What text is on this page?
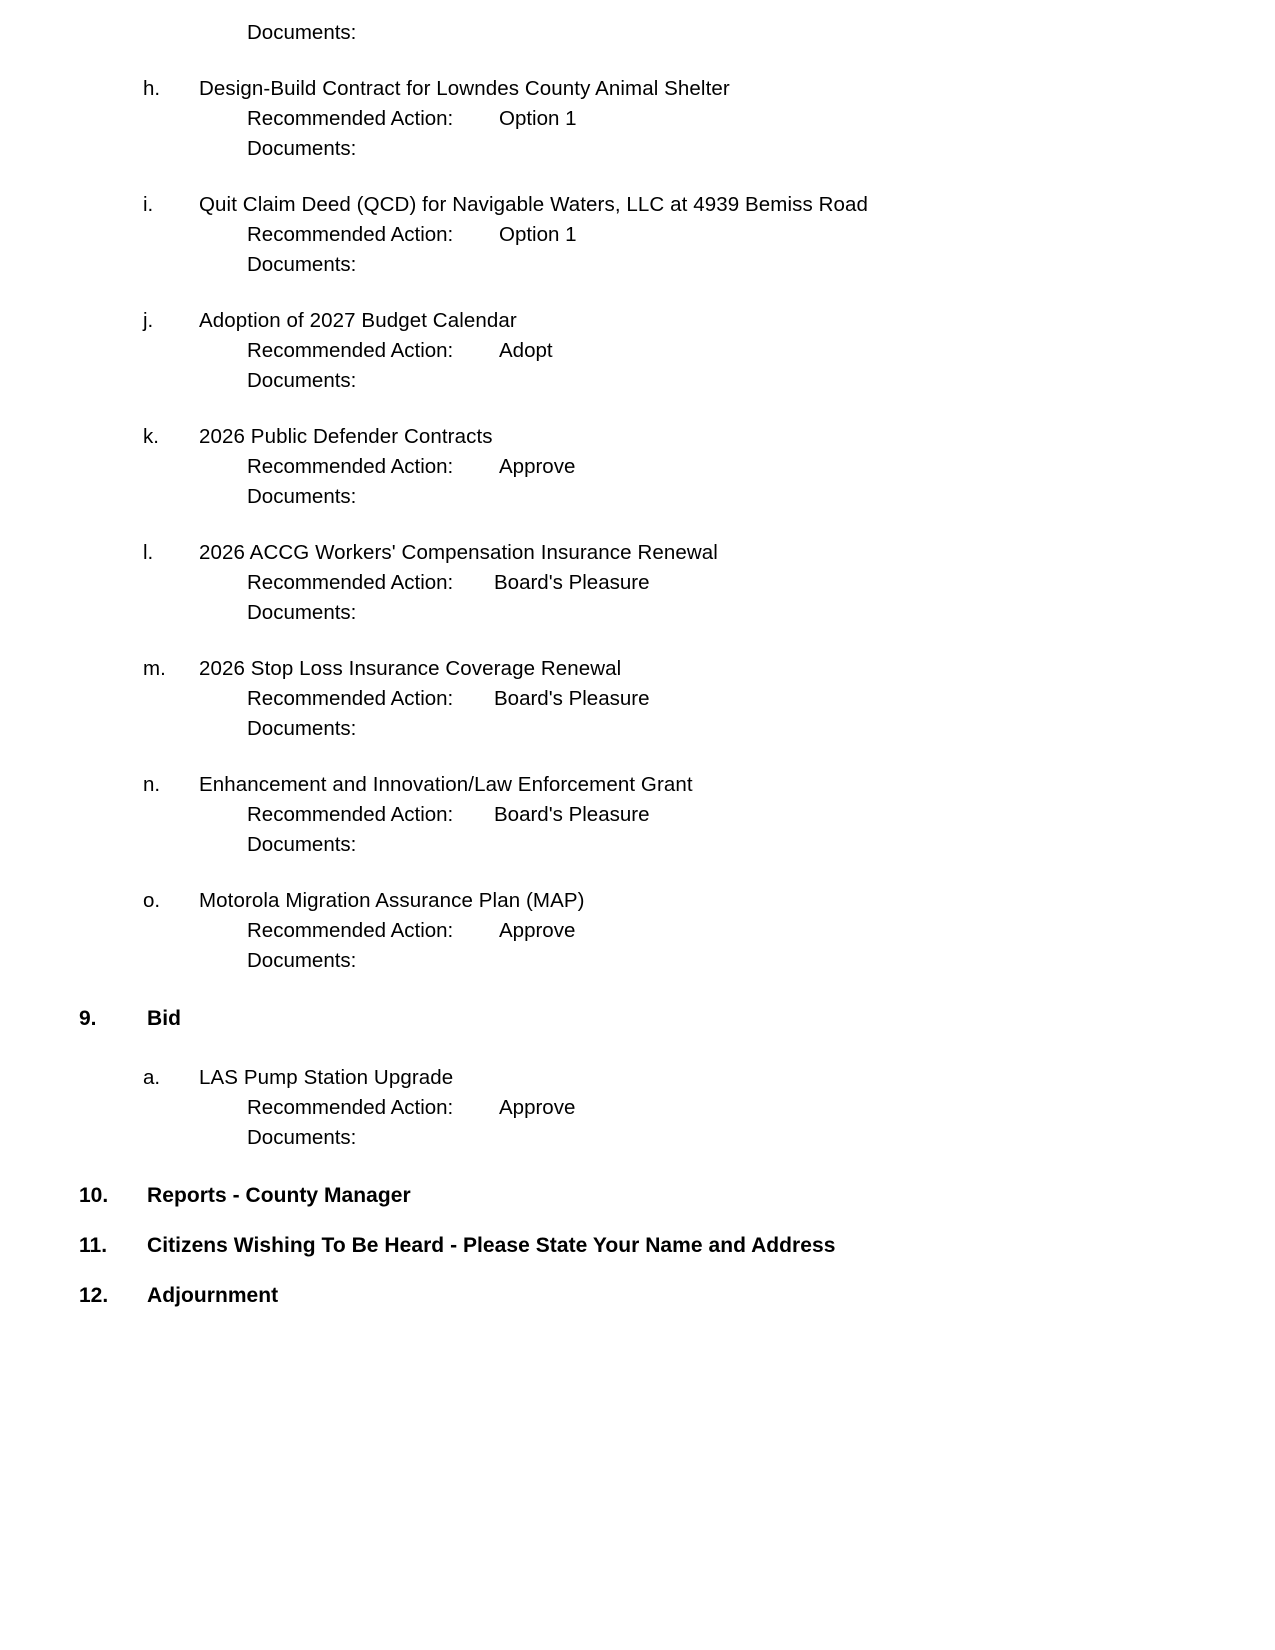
Documents:
h. Design-Build Contract for Lowndes County Animal Shelter
Recommended Action: Option 1
Documents:
i. Quit Claim Deed (QCD) for Navigable Waters, LLC at 4939 Bemiss Road
Recommended Action: Option 1
Documents:
j. Adoption of 2027 Budget Calendar
Recommended Action: Adopt
Documents:
k. 2026 Public Defender Contracts
Recommended Action: Approve
Documents:
l. 2026 ACCG Workers' Compensation Insurance Renewal
Recommended Action: Board's Pleasure
Documents:
m. 2026 Stop Loss Insurance Coverage Renewal
Recommended Action: Board's Pleasure
Documents:
n. Enhancement and Innovation/Law Enforcement Grant
Recommended Action: Board's Pleasure
Documents:
o. Motorola Migration Assurance Plan (MAP)
Recommended Action: Approve
Documents:
9. Bid
a. LAS Pump Station Upgrade
Recommended Action: Approve
Documents:
10. Reports - County Manager
11. Citizens Wishing To Be Heard - Please State Your Name and Address
12. Adjournment
